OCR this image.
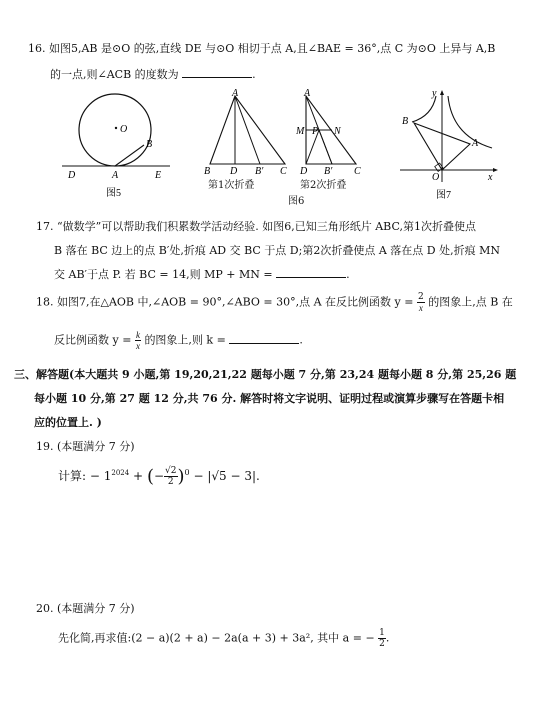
16. 如图5,AB 是⊙O 的弦,直线 DE 与⊙O 相切于点 A,且∠BAE = 36°,点 C 为⊙O 上异与 A,B
的一点,则∠ACB 的度数为	.
O
B
D	A	E
图5
A
B D B′ C
第1次折叠
A
M P N
D B′ C
第2次折叠
图6
y
B
A
O	x
图7
17. “做数学”可以帮助我们积累数学活动经验. 如图6,已知三角形纸片 ABC,第1次折叠使点
B 落在 BC 边上的点 B′处,折痕 AD 交 BC 于点 D;第2次折叠使点 A 落在点 D 处,折痕 MN
交 AB′于点 P. 若 BC = 14,则 MP + MN =	.
18. 如图7,在△AOB 中,∠AOB = 90°,∠ABO = 30°,点 A 在反比例函数 $y = \frac{2}{x}$ 的图象上,点 B 在
反比例函数 $y = \frac{k}{x}$ 的图象上,则 k =	.
三、解答题(本大题共 9 小题,第 19,20,21,22 题每小题 7 分,第 23,24 题每小题 8 分,第 25,26 题
每小题 10 分,第 27 题 12 分,共 76 分. 解答时将文字说明、证明过程或演算步骤写在答题卡相
应的位置上. )
19. (本题满分 7 分)
计算: − $1^{2024}$ + (− $\frac{√2}{2} )^0 - |√5 - 3|$.
20. (本题满分 7 分)
先化简,再求值:(2 − a)(2 + a) − 2a(a + 3) + 3a², 其中 a = − $\frac{1}{2}$ .
